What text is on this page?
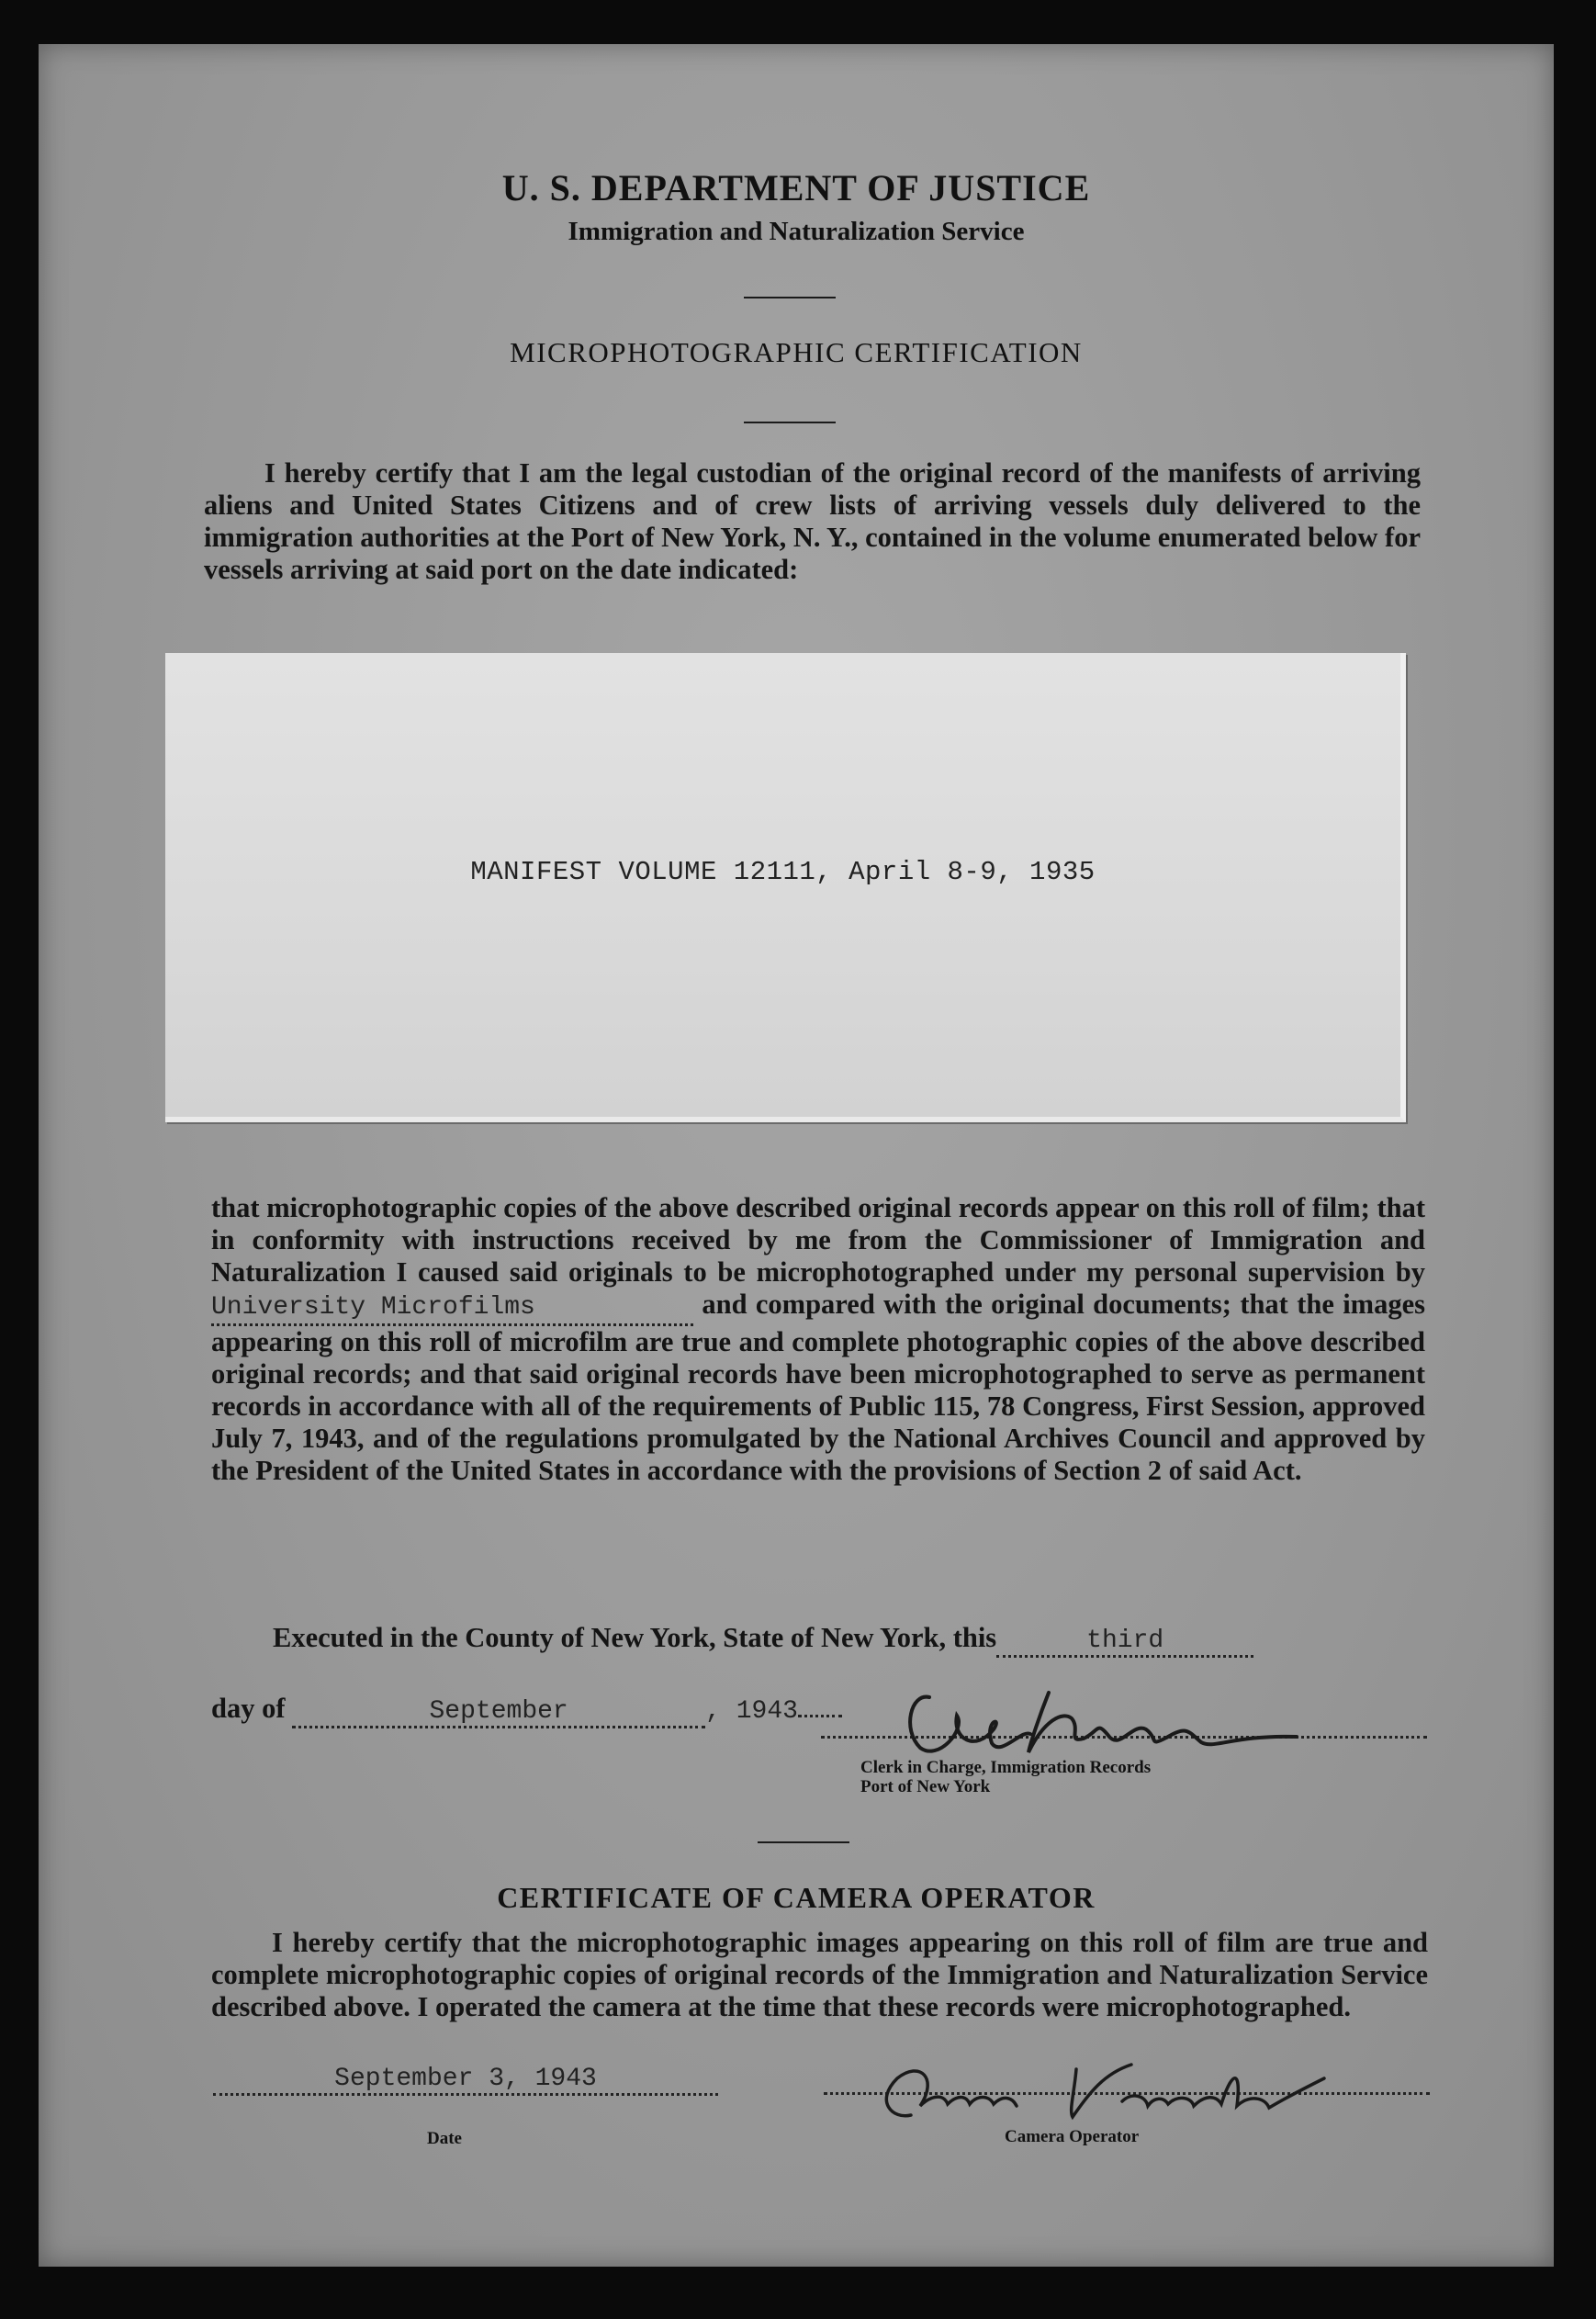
U. S. DEPARTMENT OF JUSTICE
Immigration and Naturalization Service
MICROPHOTOGRAPHIC CERTIFICATION
I hereby certify that I am the legal custodian of the original record of the manifests of arriving aliens and United States Citizens and of crew lists of arriving vessels duly delivered to the immigration authorities at the Port of New York, N. Y., contained in the volume enumerated below for vessels arriving at said port on the date indicated:
MANIFEST VOLUME 12111, April 8-9, 1935
that microphotographic copies of the above described original records appear on this roll of film; that in conformity with instructions received by me from the Commissioner of Immigration and Naturalization I caused said originals to be microphotographed under my personal supervision by University Microfilms	and compared with the original documents; that the images appearing on this roll of microfilm are true and complete photographic copies of the above described original records; and that said original records have been microphotographed to serve as permanent records in accordance with all of the requirements of Public 115, 78 Congress, First Session, approved July 7, 1943, and of the regulations promulgated by the National Archives Council and approved by the President of the United States in accordance with the provisions of Section 2 of said Act.
Executed in the County of New York, State of New York, this	third
day of	September	, 1943
Clerk in Charge, Immigration Records
Port of New York
CERTIFICATE OF CAMERA OPERATOR
I hereby certify that the microphotographic images appearing on this roll of film are true and complete microphotographic copies of original records of the Immigration and Naturalization Service described above. I operated the camera at the time that these records were microphotographed.
September 3, 1943
Date	Camera Operator
